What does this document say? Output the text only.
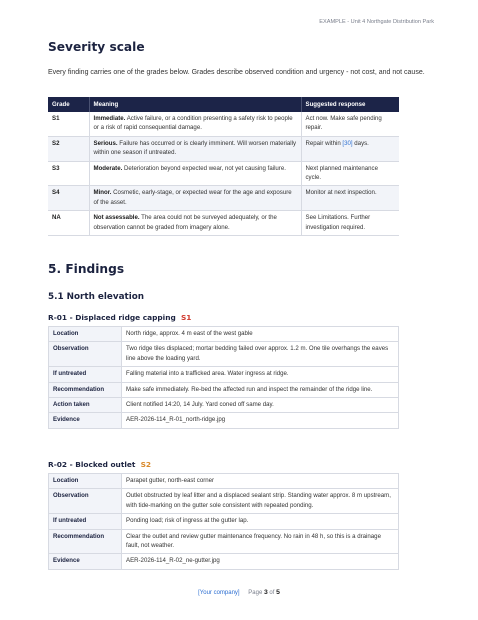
EXAMPLE - Unit 4 Northgate Distribution Park
Severity scale
Every finding carries one of the grades below. Grades describe observed condition and urgency - not cost, and not cause.
Grade	Meaning	Suggested response
S1	Immediate. Active failure, or a condition presenting a safety risk to people or a risk of rapid consequential damage.	Act now. Make safe pending repair.
S2	Serious. Failure has occurred or is clearly imminent. Will worsen materially within one season if untreated.	Repair within [30] days.
S3	Moderate. Deterioration beyond expected wear, not yet causing failure.	Next planned maintenance cycle.
S4	Minor. Cosmetic, early-stage, or expected wear for the age and exposure of the asset.	Monitor at next inspection.
NA	Not assessable. The area could not be surveyed adequately, or the observation cannot be graded from imagery alone.	See Limitations. Further investigation required.
5. Findings
5.1 North elevation
R-01 - Displaced ridge capping S1
Location	North ridge, approx. 4 m east of the west gable
Observation	Two ridge tiles displaced; mortar bedding failed over approx. 1.2 m. One tile overhangs the eaves line above the loading yard.
If untreated	Falling material into a trafficked area. Water ingress at ridge.
Recommendation	Make safe immediately. Re-bed the affected run and inspect the remainder of the ridge line.
Action taken	Client notified 14:20, 14 July. Yard coned off same day.
Evidence	AER-2026-114_R-01_north-ridge.jpg
R-02 - Blocked outlet S2
Location	Parapet gutter, north-east corner
Observation	Outlet obstructed by leaf litter and a displaced sealant strip. Standing water approx. 8 m upstream, with tide-marking on the gutter sole consistent with repeated ponding.
If untreated	Ponding load; risk of ingress at the gutter lap.
Recommendation	Clear the outlet and review gutter maintenance frequency. No rain in 48 h, so this is a drainage fault, not weather.
Evidence	AER-2026-114_R-02_ne-gutter.jpg
[Your company] Page 3 of 5
